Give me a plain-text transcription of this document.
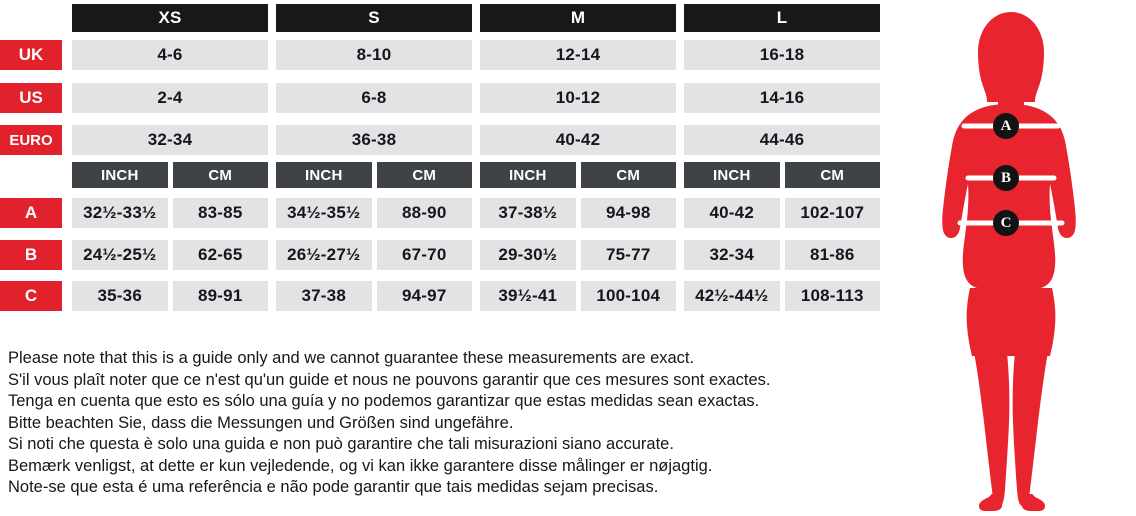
XS	S	M	L
UK	4-6	8-10	12-14	16-18
US	2-4	6-8	10-12	14-16
EURO	32-34	36-38	40-42	44-46
INCH	CM	INCH	CM	INCH	CM	INCH	CM
A	32½-33½	83-85	34½-35½	88-90	37-38½	94-98	40-42	102-107
B	24½-25½	62-65	26½-27½	67-70	29-30½	75-77	32-34	81-86
C	35-36	89-91	37-38	94-97	39½-41	100-104	42½-44½	108-113
Please note that this is a guide only and we cannot guarantee these measurements are exact.
S'il vous plaît noter que ce n'est qu'un guide et nous ne pouvons garantir que ces mesures sont exactes.
Tenga en cuenta que esto es sólo una guía y no podemos garantizar que estas medidas sean exactas.
Bitte beachten Sie, dass die Messungen und Größen sind ungefähre.
Si noti che questa è solo una guida e non può garantire che tali misurazioni siano accurate.
Bemærk venligst, at dette er kun vejledende, og vi kan ikke garantere disse målinger er nøjagtig.
Note-se que esta é uma referência e não pode garantir que tais medidas sejam precisas.
A
B
C
